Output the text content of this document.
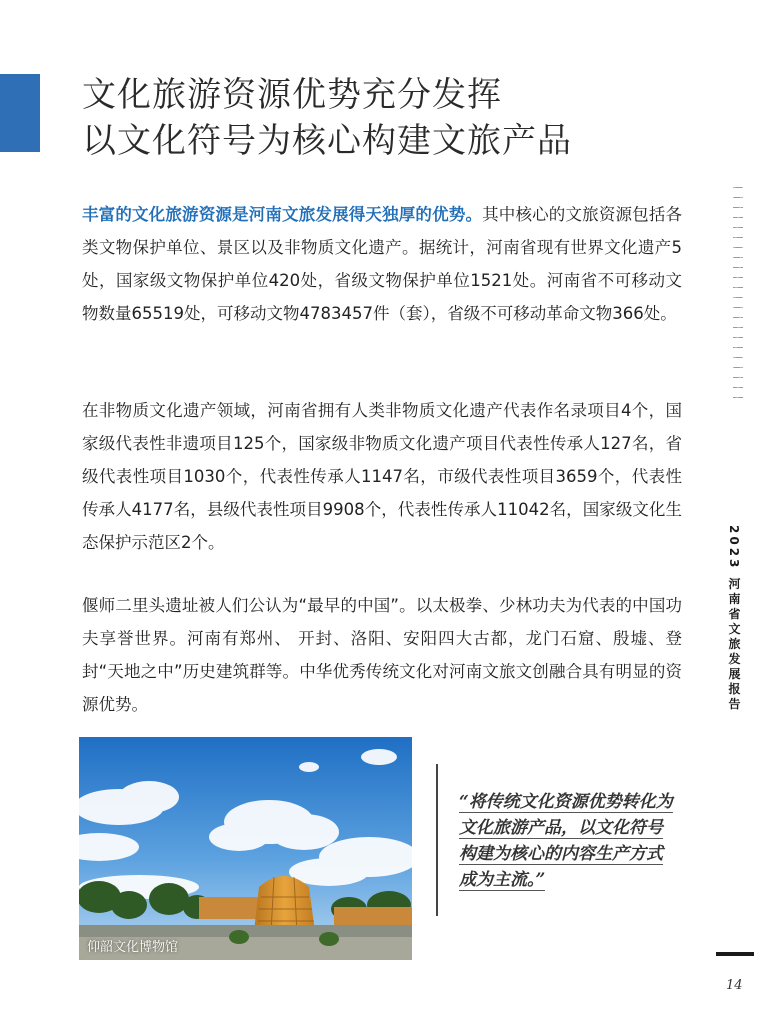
文化旅游资源优势充分发挥
以文化符号为核心构建文旅产品

丰富的文化旅游资源是河南文旅发展得天独厚的优势。其中核心的文旅资源包括各类文物保护单位、景区以及非物质文化遗产。据统计，河南省现有世界文化遗产5处，国家级文物保护单位420处，省级文物保护单位1521处。河南省不可移动文物数量65519处，可移动文物4783457件（套），省级不可移动革命文物366处。

在非物质文化遗产领域，河南省拥有人类非物质文化遗产代表作名录项目4个，国家级代表性非遗项目125个，国家级非物质文化遗产项目代表性传承人127名，省级代表性项目1030个，代表性传承人1147名，市级代表性项目3659个，代表性传承人4177名，县级代表性项目9908个，代表性传承人11042名，国家级文化生态保护示范区2个。

偃师二里头遗址被人们公认为“最早的中国”。以太极拳、少林功夫为代表的中国功夫享誉世界。河南有郑州、 开封、洛阳、安阳四大古都，龙门石窟、殷墟、登封“天地之中”历史建筑群等。中华优秀传统文化对河南文旅文创融合具有明显的资源优势。	2023 河南省文旅发展报告
仰韶文化博物馆

“将传统文化资源优势转化为文化旅游产品，以文化符号构建为核心的内容生产方式成为主流。”

14
